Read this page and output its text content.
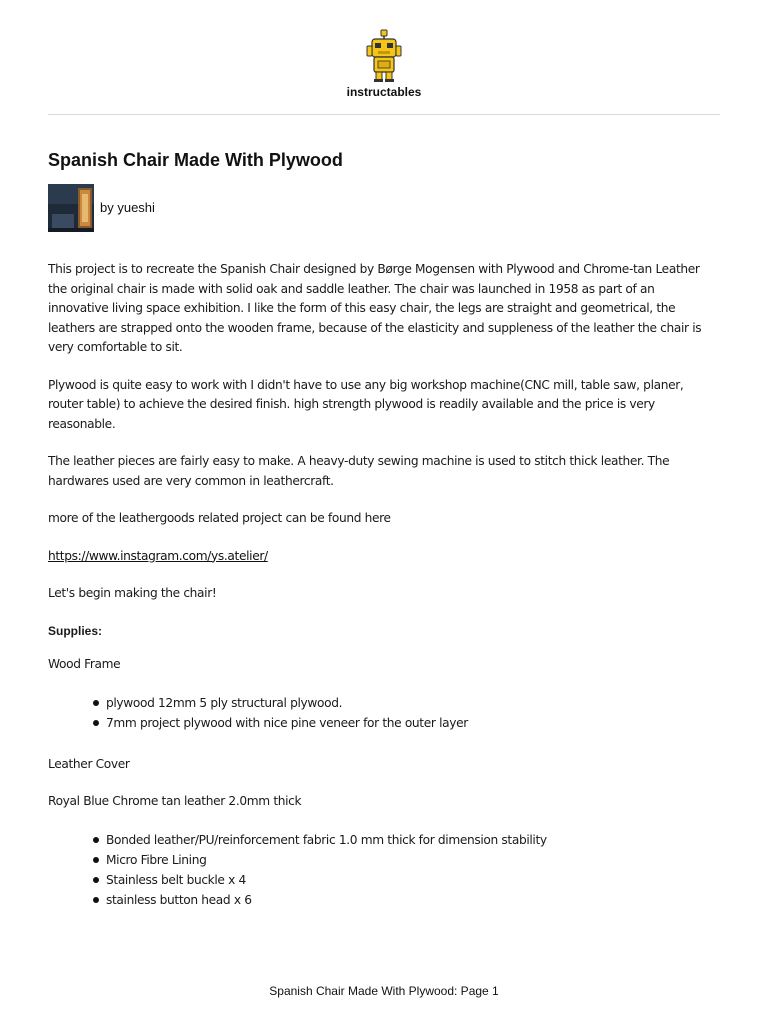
instructables
Spanish Chair Made With Plywood
by yueshi

This project is to recreate the Spanish Chair designed by Børge Mogensen with Plywood and Chrome-tan Leather the original chair is made with solid oak and saddle leather. The chair was launched in 1958 as part of an innovative living space exhibition. I like the form of this easy chair, the legs are straight and geometrical, the leathers are strapped onto the wooden frame, because of the elasticity and suppleness of the leather the chair is very comfortable to sit.

Plywood is quite easy to work with I didn't have to use any big workshop machine(CNC mill, table saw, planer, router table) to achieve the desired finish. high strength plywood is readily available and the price is very reasonable.

The leather pieces are fairly easy to make. A heavy-duty sewing machine is used to stitch thick leather. The hardwares used are very common in leathercraft.

more of the leathergoods related project can be found here

https://www.instagram.com/ys.atelier/

Let's begin making the chair!

Supplies:
Wood Frame
plywood 12mm 5 ply structural plywood.
7mm project plywood with nice pine veneer for the outer layer
Leather Cover
Royal Blue Chrome tan leather 2.0mm thick
Bonded leather/PU/reinforcement fabric 1.0 mm thick for dimension stability
Micro Fibre Lining
Stainless belt buckle x 4
stainless button head x 6
Spanish Chair Made With Plywood: Page 1
